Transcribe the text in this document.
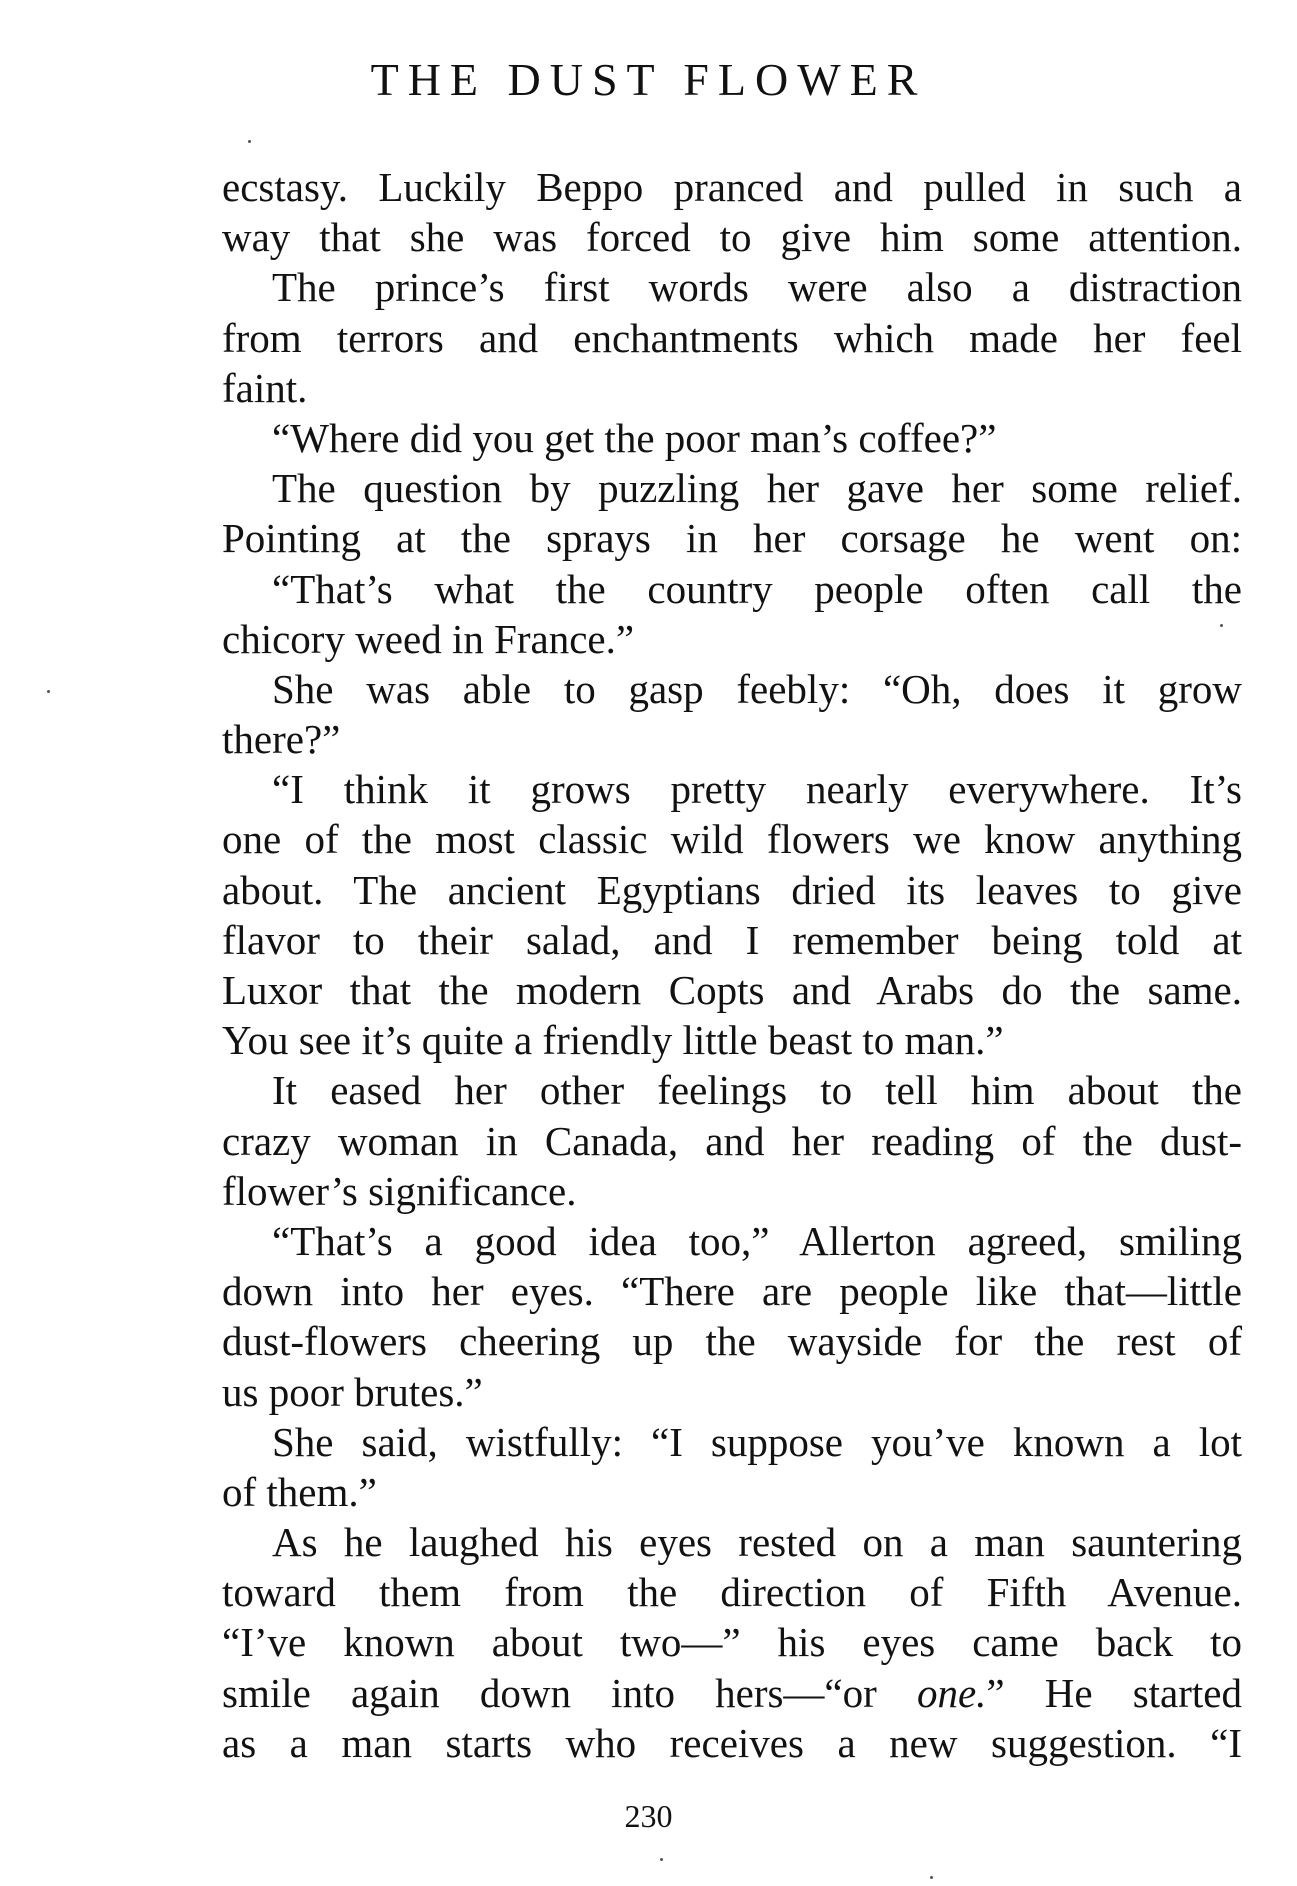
THE DUST FLOWER
ecstasy. Luckily Beppo pranced and pulled in such a
way that she was forced to give him some attention.
The prince’s first words were also a distraction
from terrors and enchantments which made her feel
faint.
“Where did you get the poor man’s coffee?”
The question by puzzling her gave her some relief.
Pointing at the sprays in her corsage he went on:
“That’s what the country people often call the
chicory weed in France.”
She was able to gasp feebly: “Oh, does it grow
there?”
“I think it grows pretty nearly everywhere. It’s
one of the most classic wild flowers we know anything
about. The ancient Egyptians dried its leaves to give
flavor to their salad, and I remember being told at
Luxor that the modern Copts and Arabs do the same.
You see it’s quite a friendly little beast to man.”
It eased her other feelings to tell him about the
crazy woman in Canada, and her reading of the dust-
flower’s significance.
“That’s a good idea too,” Allerton agreed, smiling
down into her eyes. “There are people like that—little
dust-flowers cheering up the wayside for the rest of
us poor brutes.”
She said, wistfully: “I suppose you’ve known a lot
of them.”
As he laughed his eyes rested on a man sauntering
toward them from the direction of Fifth Avenue.
“I’ve known about two—” his eyes came back to
smile again down into hers—“or one.” He started
as a man starts who receives a new suggestion. “I
230
